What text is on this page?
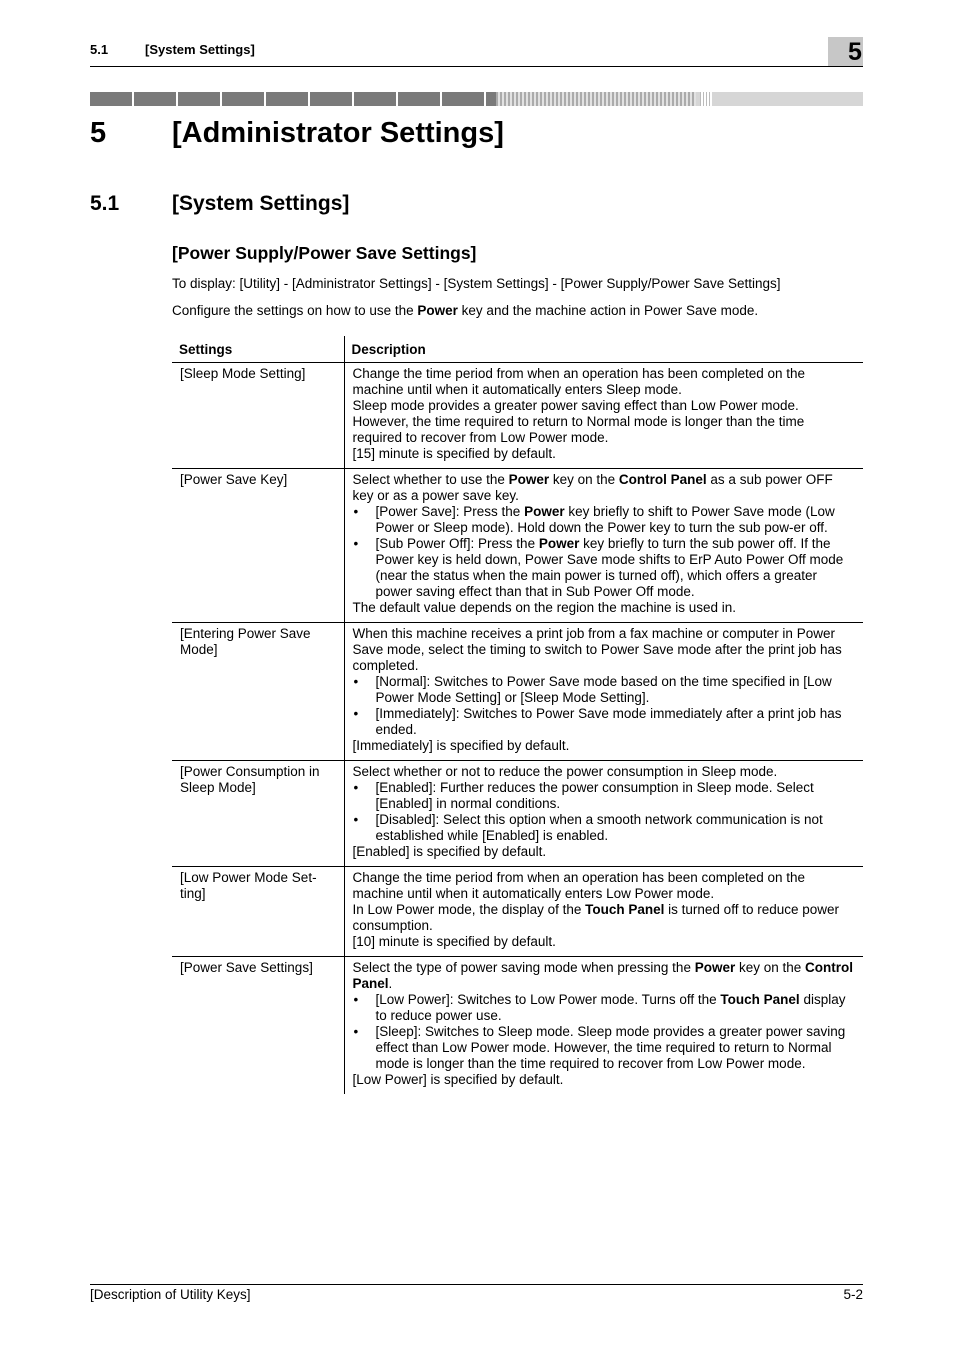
5.1	[System Settings]	5
5 [Administrator Settings]
5.1	[System Settings]
[Power Supply/Power Save Settings]
To display: [Utility] - [Administrator Settings] - [System Settings] - [Power Supply/Power Save Settings]
Configure the settings on how to use the Power key and the machine action in Power Save mode.
Settings	Description
[Sleep Mode Setting]	Change the time period from when an operation has been completed on the machine until when it automatically enters Sleep mode.
Sleep mode provides a greater power saving effect than Low Power mode. However, the time required to return to Normal mode is longer than the time required to recover from Low Power mode.
[15] minute is specified by default.

[Power Save Key]	Select whether to use the Power key on the Control Panel as a sub power OFF key or as a power save key.
• [Power Save]: Press the Power key briefly to shift to Power Save mode (Low Power or Sleep mode). Hold down the Power key to turn the sub pow-er off.
• [Sub Power Off]: Press the Power key briefly to turn the sub power off. If the Power key is held down, Power Save mode shifts to ErP Auto Power Off mode (near the status when the main power is turned off), which offers a greater power saving effect than that in Sub Power Off mode.
The default value depends on the region the machine is used in.

[Entering Power Save Mode]	When this machine receives a print job from a fax machine or computer in Power Save mode, select the timing to switch to Power Save mode after the print job has completed.
• [Normal]: Switches to Power Save mode based on the time specified in [Low Power Mode Setting] or [Sleep Mode Setting].
• [Immediately]: Switches to Power Save mode immediately after a print job has ended.
[Immediately] is specified by default.

[Power Consumption in Sleep Mode]	Select whether or not to reduce the power consumption in Sleep mode.
• [Enabled]: Further reduces the power consumption in Sleep mode. Select [Enabled] in normal conditions.
• [Disabled]: Select this option when a smooth network communication is not established while [Enabled] is enabled.
[Enabled] is specified by default.

[Low Power Mode Set-ting]	Change the time period from when an operation has been completed on the machine until when it automatically enters Low Power mode.
In Low Power mode, the display of the Touch Panel is turned off to reduce power consumption.
[10] minute is specified by default.

[Power Save Settings]	Select the type of power saving mode when pressing the Power key on the Control Panel.
• [Low Power]: Switches to Low Power mode. Turns off the Touch Panel display to reduce power use.
• [Sleep]: Switches to Sleep mode. Sleep mode provides a greater power saving effect than Low Power mode. However, the time required to return to Normal mode is longer than the time required to recover from Low Power mode.
[Low Power] is specified by default.
[Description of Utility Keys]	5-2
